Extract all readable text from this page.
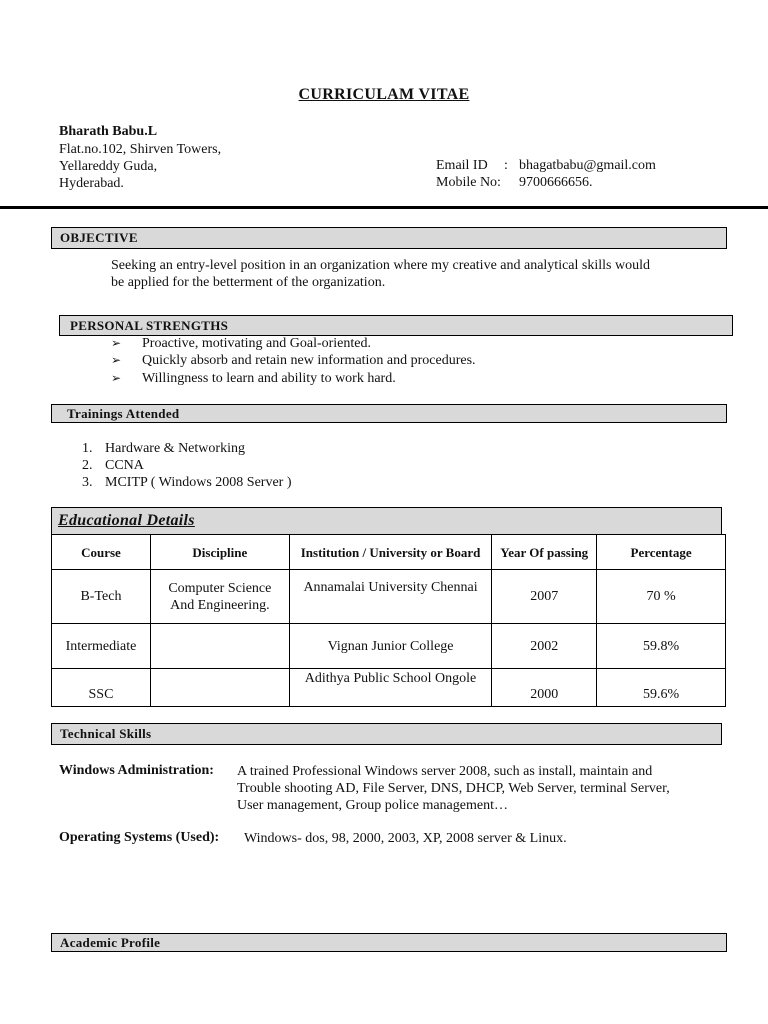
CURRICULAM VITAE
Bharath Babu.L
Flat.no.102, Shirven Towers,
Yellareddy Guda,
Hyderabad.
Email ID : bhagatbabu@gmail.com
Mobile No: 9700666656.
OBJECTIVE
Seeking an entry-level position in an organization where my creative and analytical skills would
be applied for the betterment of the organization.
PERSONAL STRENGTHS
➢ Proactive, motivating and Goal-oriented.
➢ Quickly absorb and retain new information and procedures.
➢ Willingness to learn and ability to work hard.
Trainings Attended
1. Hardware & Networking
2. CCNA
3. MCITP ( Windows 2008 Server )
Educational Details
Course	Discipline	Institution / University or Board	Year Of passing	Percentage
B-Tech	Computer Science And Engineering.	Annamalai University Chennai	2007	70 %
Intermediate		Vignan Junior College	2002	59.8%
SSC		Adithya Public School Ongole	2000	59.6%
Technical Skills
Windows Administration: A trained Professional Windows server 2008, such as install, maintain and
Trouble shooting AD, File Server, DNS, DHCP, Web Server, terminal Server,
User management, Group police management…
Operating Systems (Used): Windows- dos, 98, 2000, 2003, XP, 2008 server & Linux.
Academic Profile
